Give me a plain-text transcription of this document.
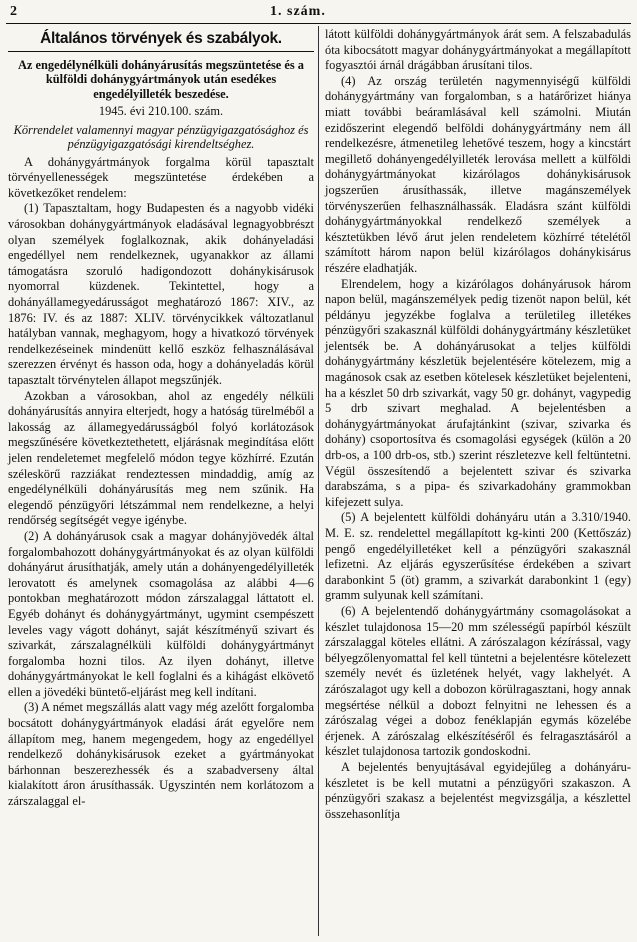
2	1. szám.
Általános törvények és szabályok.

Az engedélynélküli dohányárusítás megszüntetése és a külföldi dohánygyártmányok után esedékes engedélyilleték beszedése.

1945. évi 210.100. szám.

Körrendelet valamennyi magyar pénzügyigazgatósághoz és pénzügyigazgatósági kirendeltséghez.

A dohánygyártmányok forgalma körül tapasztalt törvényellenességek megszüntetése érdekében a következőket rendelem:

(1) Tapasztaltam, hogy Budapesten és a nagyobb vidéki városokban dohánygyártmányok eladásával legnagyobbrészt olyan személyek foglalkoznak, akik dohányeladási engedéllyel nem rendelkeznek, ugyanakkor az állami támogatásra szoruló hadigondozott dohánykisárusok nyomorral küzdenek. Tekintettel, hogy a dohányállamegyedárusságot meghatározó 1867: XIV., az 1876: IV. és az 1887: XLIV. törvénycikkek változatlanul hatályban vannak, meghagyom, hogy a hivatkozó törvények rendelkezéseinek mindenütt kellő eszköz felhasználásával szerezzen érvényt és hasson oda, hogy a dohányeladás körül tapasztalt törvénytelen állapot megszűnjék.

Azokban a városokban, ahol az engedély nélküli dohányárusítás annyira elterjedt, hogy a hatóság türelméből a lakosság az államegyedárusságból folyó korlátozások megszűnésére következtethetett, eljárásnak megindítása előtt jelen rendeletemet megfelelő módon tegye közhírré. Ezután széleskörű razziákat rendeztessen mindaddig, amíg az engedélynélküli dohányárusítás meg nem szűnik. Ha elegendő pénzügyőri létszámmal nem rendelkezne, a helyi rendőrség segítségét vegye igénybe.

(2) A dohányárusok csak a magyar dohányjövedék által forgalombahozott dohánygyártmányokat és az olyan külföldi dohányárut árusíthatják, amely után a dohányengedélyilleték lerovatott és amelynek csomagolása az alábbi 4—6 pontokban meghatározott módon zárszalaggal láttatott el. Egyéb dohányt és dohánygyártmányt, ugymint csempészett leveles vagy vágott dohányt, saját készítményű szivart és szivarkát, zárszalagnélküli külföldi dohánygyártmányt forgalomba hozni tilos. Az ilyen dohányt, illetve dohánygyártmányokat le kell foglalni és a kihágást elkövető ellen a jövedéki büntető-eljárást meg kell indítani.

(3) A német megszállás alatt vagy még azelőtt forgalomba bocsátott dohánygyártmányok eladási árát egyelőre nem állapítom meg, hanem megengedem, hogy az engedéllyel rendelkező dohánykisárusok ezeket a gyártmányokat bárhonnan beszerezhessék és a szabadverseny által kialakított áron árusíthassák. Ugyszintén nem korlátozom a zárszalaggal el-

látott külföldi dohánygyártmányok árát sem. A felszabadulás óta kibocsátott magyar dohánygyártmányokat a megállapított fogyasztói árnál drágábban árusítani tilos.

(4) Az ország területén nagymennyiségű külföldi dohánygyártmány van forgalomban, s a határőrizet hiánya miatt további beáramlásával kell számolni. Miután ezidőszerint elegendő belföldi dohánygyártmány nem áll rendelkezésre, átmenetileg lehetővé teszem, hogy a kincstárt megillető dohányengedélyilleték lerovása mellett a külföldi dohánygyártmányokat kizárólagos dohánykisárusok jogszerűen árusíthassák, illetve magánszemélyek törvényszerűen felhasználhassák. Eladásra szánt külföldi dohánygyártmányokkal rendelkező személyek a késztetükben lévő árut jelen rendeletem közhírré tételétől számított három napon belül kizárólagos dohánykisárus részére eladhatják.

Elrendelem, hogy a kizárólagos dohányárusok három napon belül, magánszemélyek pedig tizenöt napon belül, két példányu jegyzékbe foglalva a területileg illetékes pénzügyőri szakasznál külföldi dohánygyártmány készletüket jelentsék be. A dohányárusokat a teljes külföldi dohánygyártmány készletük bejelentésére kötelezem, mig a magánosok csak az esetben kötelesek készletüket bejelenteni, ha a készlet 50 drb szivarkát, vagy 50 gr. dohányt, vagypedig 5 drb szivart meghalad. A bejelentésben a dohánygyártmányokat árufajtánkint (szivar, szivarka és dohány) csoportosítva és csomagolási egységek (külön a 20 drb-os, a 100 drb-os, stb.) szerint részletezve kell feltüntetni. Végül összesítendő a bejelentett szivar és szivarka darabszáma, s a pipa- és szivarkadohány grammokban kifejezett sulya.

(5) A bejelentett külföldi dohányáru után a 3.310/1940. M. E. sz. rendelettel megállapított kg-kinti 200 (Kettőszáz) pengő engedélyilletéket kell a pénzügyőri szakasznál lefizetni. Az eljárás egyszerűsítése érdekében a szivart darabonkint 5 (öt) gramm, a szivarkát darabonkint 1 (egy) gramm sulyunak kell számítani.

(6) A bejelentendő dohánygyártmány csomagolásokat a készlet tulajdonosa 15—20 mm szélességű papírból készült zárszalaggal köteles ellátni. A zárószalagon kézírással, vagy bélyegzőlenyomattal fel kell tüntetni a bejelentésre kötelezett személy nevét és üzletének helyét, vagy lakhelyét. A zárószalagot ugy kell a dobozon körülragasztani, hogy annak megsértése nélkül a dobozt felnyitni ne lehessen és a zárószalag végei a doboz fenéklapján egymás közelébe érjenek. A zárószalag elkészítéséről és felragasztásáról a készlet tulajdonosa tartozik gondoskodni.

A bejelentés benyujtásával egyidejűleg a dohányáru-készletet is be kell mutatni a pénzügyőri szakaszon. A pénzügyőri szakasz a bejelentést megvizsgálja, a készlettel összehasonlítja
